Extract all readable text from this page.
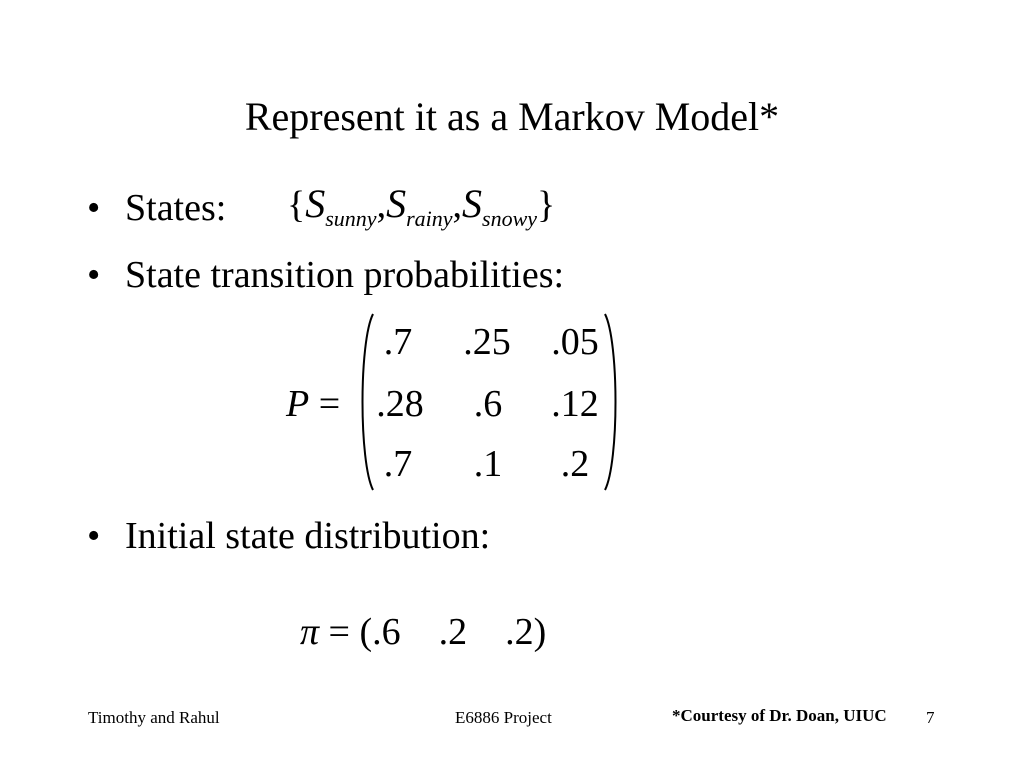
Represent it as a Markov Model*
• States: $\{S_{sunny},S_{rainy},S_{snowy}\}$
• State transition probabilities:
P =
.7	.25	.05
.28	.6	.12
.7	.1	.2
• Initial state distribution:
π = (.6    .2    .2)
Timothy and Rahul	E6886 Project	*Courtesy of Dr. Doan, UIUC 7
